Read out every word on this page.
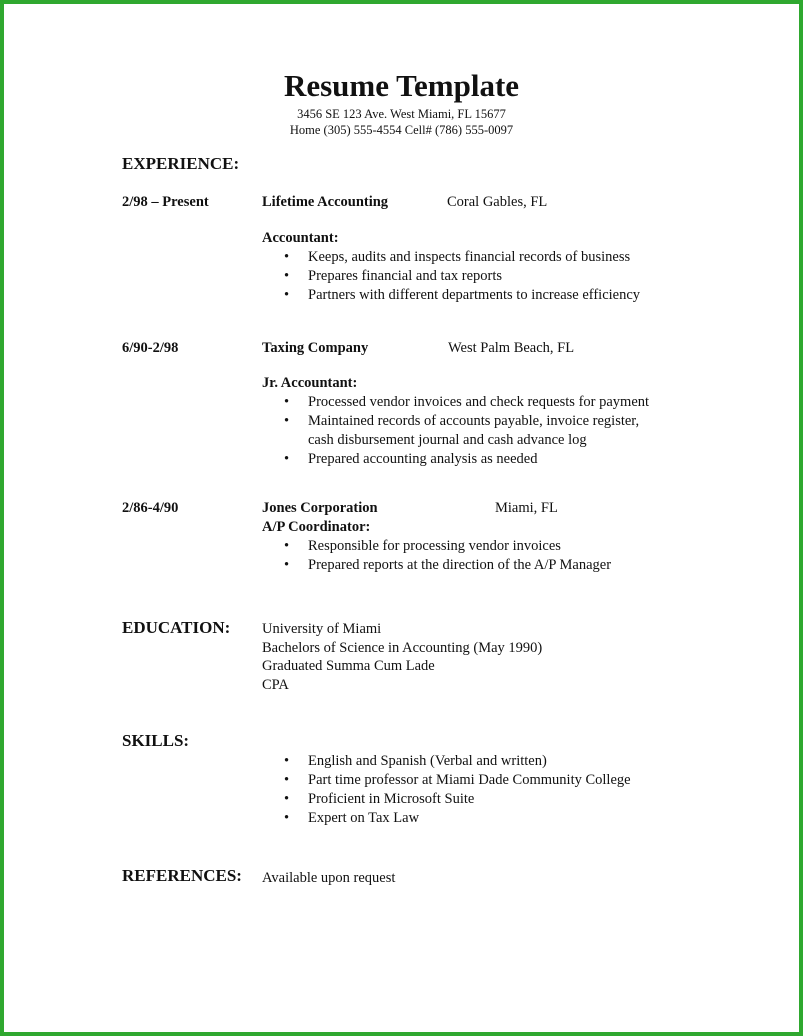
Resume Template
3456 SE 123 Ave. West Miami, FL 15677
Home (305) 555-4554 Cell# (786) 555-0097
EXPERIENCE:
2/98 – Present	Lifetime Accounting	Coral Gables, FL
Accountant:
• Keeps, audits and inspects financial records of business
• Prepares financial and tax reports
• Partners with different departments to increase efficiency
6/90-2/98	Taxing Company	West Palm Beach, FL
Jr. Accountant:
• Processed vendor invoices and check requests for payment
• Maintained records of accounts payable, invoice register,
cash disbursement journal and cash advance log
• Prepared accounting analysis as needed
2/86-4/90	Jones Corporation	Miami, FL
A/P Coordinator:
• Responsible for processing vendor invoices
• Prepared reports at the direction of the A/P Manager
EDUCATION: University of Miami
Bachelors of Science in Accounting (May 1990)
Graduated Summa Cum Lade
CPA
SKILLS:
• English and Spanish (Verbal and written)
• Part time professor at Miami Dade Community College
• Proficient in Microsoft Suite
• Expert on Tax Law
REFERENCES: Available upon request
